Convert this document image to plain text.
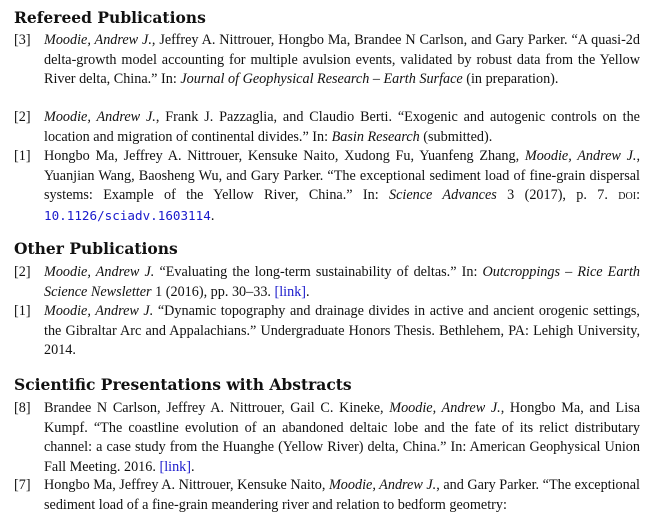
Refereed Publications
[3] Moodie, Andrew J., Jeffrey A. Nittrouer, Hongbo Ma, Brandee N Carlson, and Gary Parker. “A quasi-2d delta-growth model accounting for multiple avulsion events, validated by robust data from the Yellow River delta, China.” In: Journal of Geophysical Research – Earth Surface (in preparation).
[2] Moodie, Andrew J., Frank J. Pazzaglia, and Claudio Berti. “Exogenic and autogenic controls on the location and migration of continental divides.” In: Basin Research (submitted).
[1] Hongbo Ma, Jeffrey A. Nittrouer, Kensuke Naito, Xudong Fu, Yuanfeng Zhang, Moodie, Andrew J., Yuanjian Wang, Baosheng Wu, and Gary Parker. “The exceptional sediment load of fine-grain dispersal systems: Example of the Yellow River, China.” In: Science Advances 3 (2017), p. 7. doi: 10.1126/sciadv.1603114.
Other Publications
[2] Moodie, Andrew J. “Evaluating the long-term sustainability of deltas.” In: Outcroppings – Rice Earth Science Newsletter 1 (2016), pp. 30–33. [link].
[1] Moodie, Andrew J. “Dynamic topography and drainage divides in active and ancient orogenic settings, the Gibraltar Arc and Appalachians.” Undergraduate Honors Thesis. Bethlehem, PA: Lehigh University, 2014.
Scientific Presentations with Abstracts
[8] Brandee N Carlson, Jeffrey A. Nittrouer, Gail C. Kineke, Moodie, Andrew J., Hongbo Ma, and Lisa Kumpf. “The coastline evolution of an abandoned deltaic lobe and the fate of its relict distributary channel: a case study from the Huanghe (Yellow River) delta, China.” In: American Geophysical Union Fall Meeting. 2016. [link].
[7] Hongbo Ma, Jeffrey A. Nittrouer, Kensuke Naito, Moodie, Andrew J., and Gary Parker. “The exceptional sediment load of a fine-grain meandering river and relation to bedform geometry:
